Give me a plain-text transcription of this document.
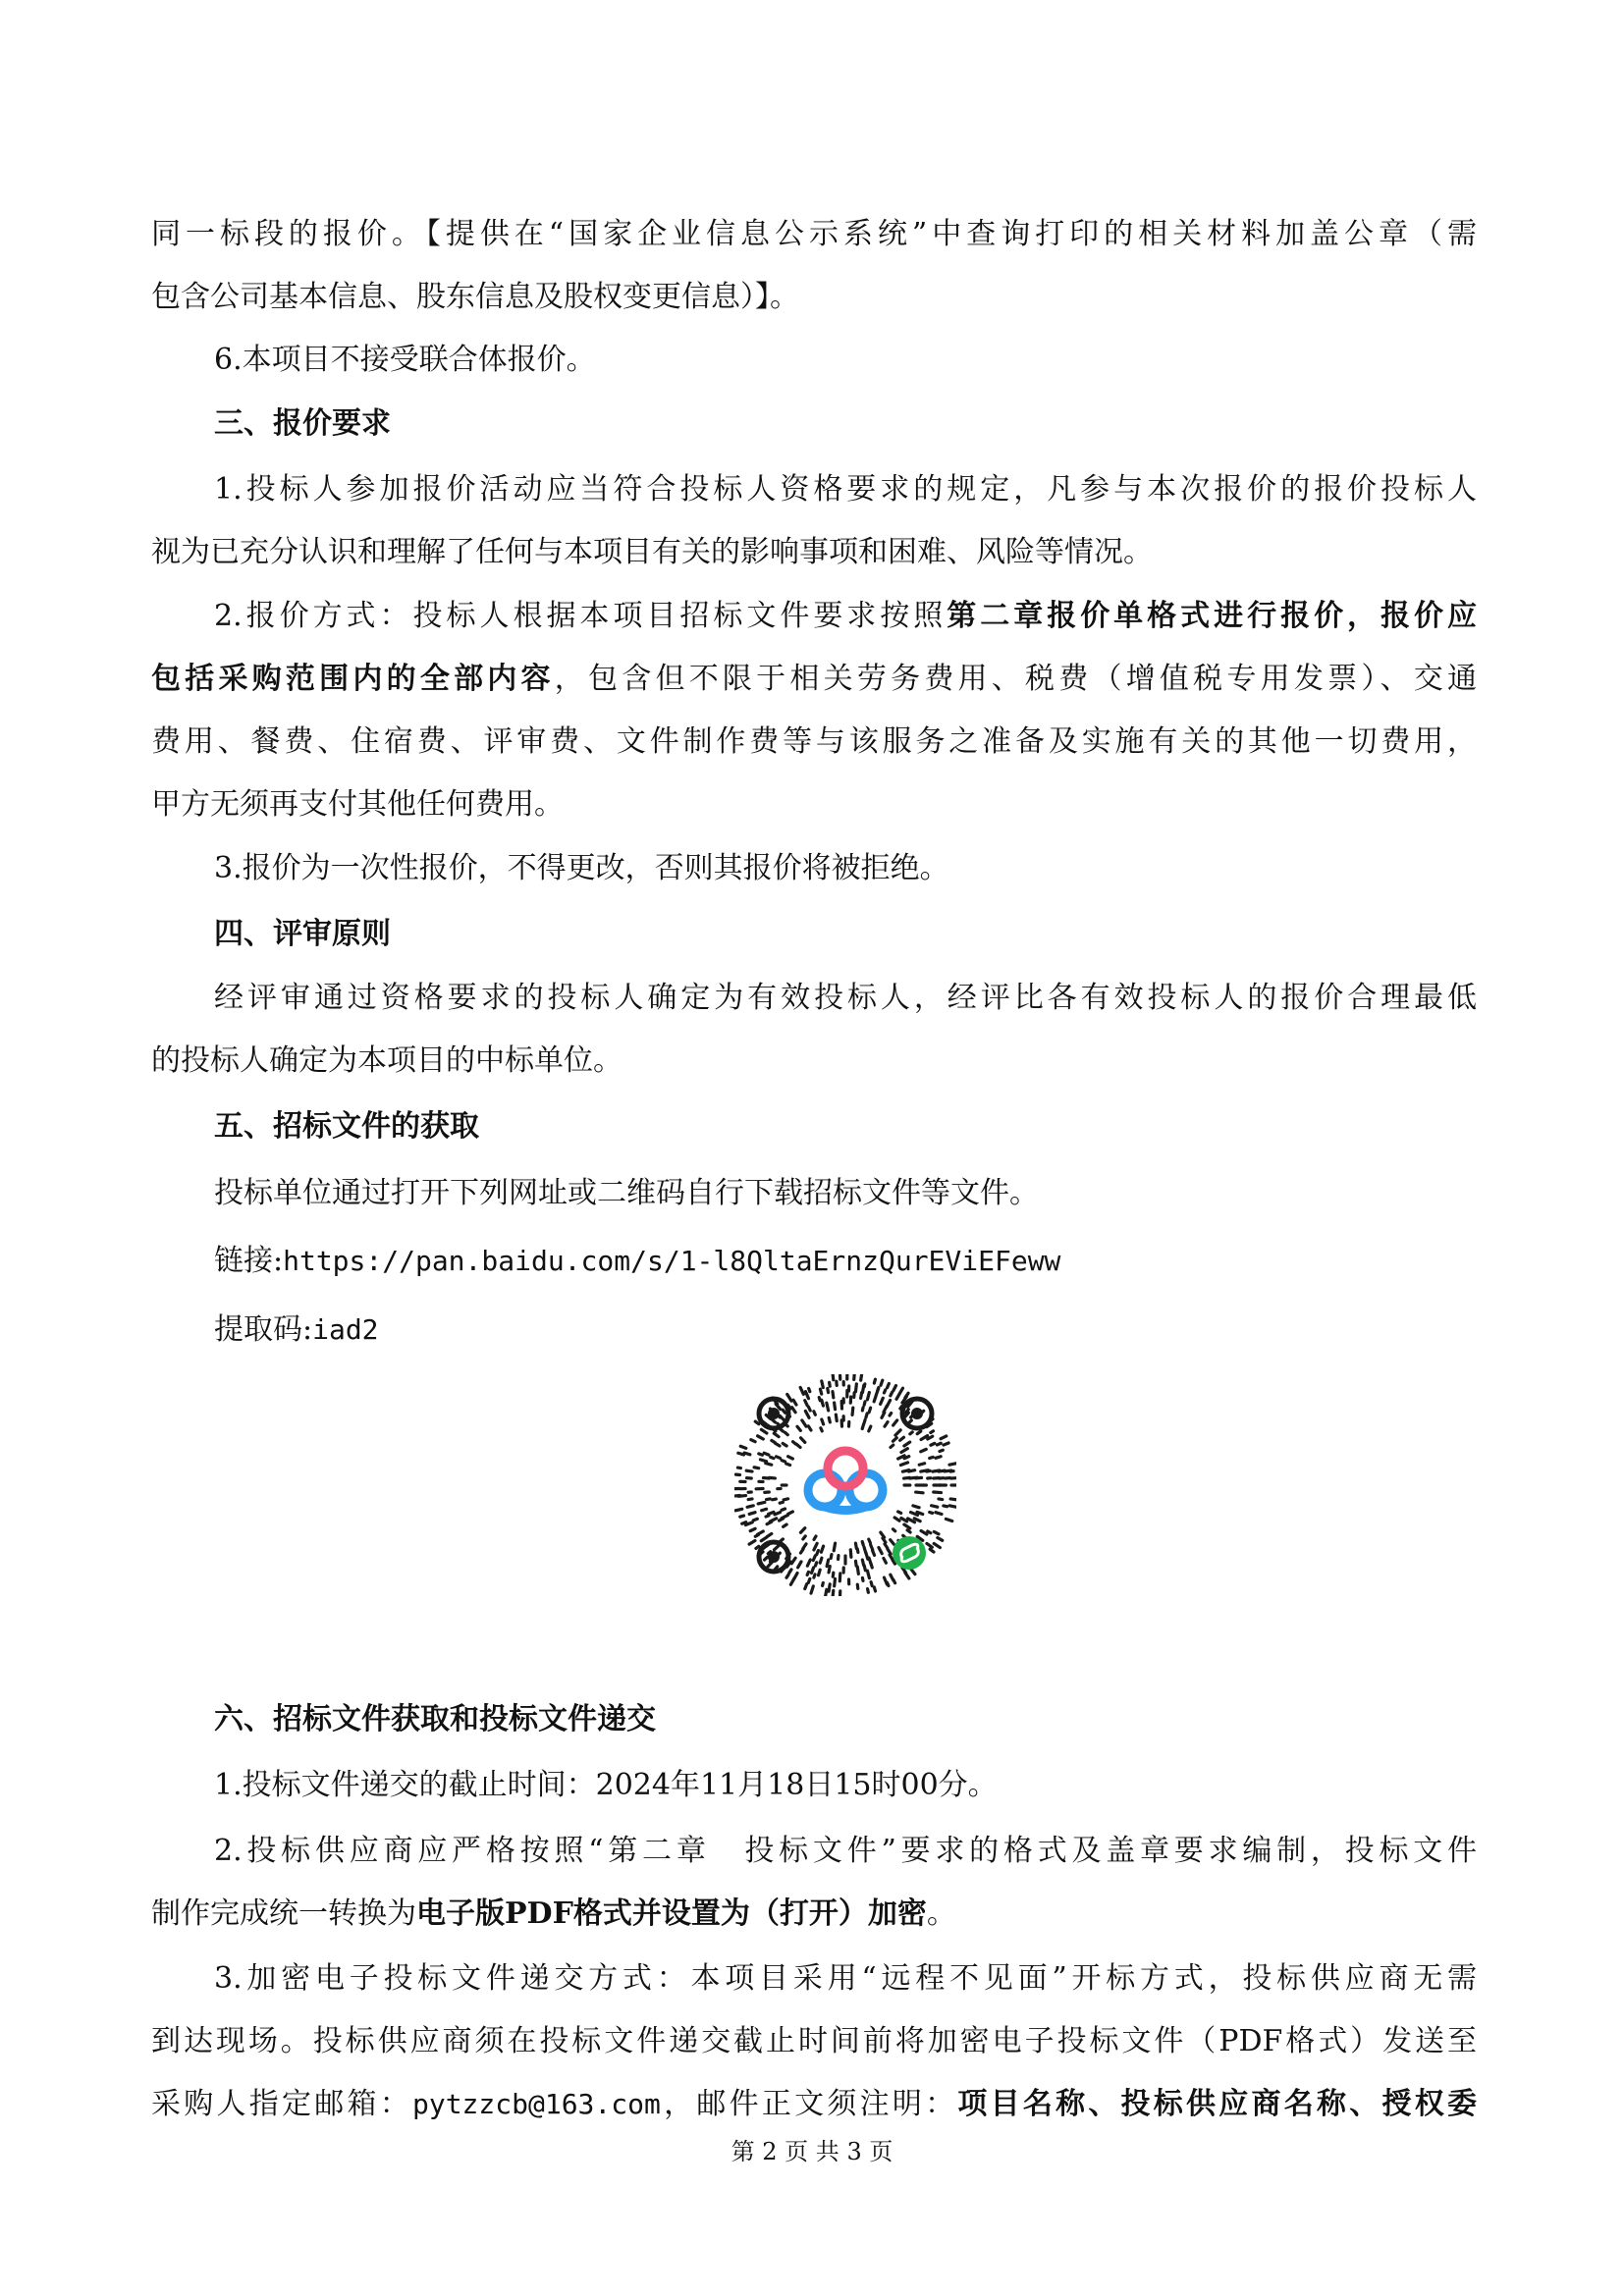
同一标段的报价。【提供在“国家企业信息公示系统”中查询打印的相关材料加盖公章（需
包含公司基本信息、股东信息及股权变更信息）】。
6.本项目不接受联合体报价。
三、报价要求
1.投标人参加报价活动应当符合投标人资格要求的规定，凡参与本次报价的报价投标人
视为已充分认识和理解了任何与本项目有关的影响事项和困难、风险等情况。
2.报价方式：投标人根据本项目招标文件要求按照第二章报价单格式进行报价，报价应
包括采购范围内的全部内容，包含但不限于相关劳务费用、税费（增值税专用发票）、交通
费用、餐费、住宿费、评审费、文件制作费等与该服务之准备及实施有关的其他一切费用，
甲方无须再支付其他任何费用。
3.报价为一次性报价，不得更改，否则其报价将被拒绝。
四、评审原则
经评审通过资格要求的投标人确定为有效投标人，经评比各有效投标人的报价合理最低
的投标人确定为本项目的中标单位。
五、招标文件的获取
投标单位通过打开下列网址或二维码自行下载招标文件等文件。
链接:https://pan.baidu.com/s/1-l8QltaErnzQurEViEFeww
提取码:iad2
六、招标文件获取和投标文件递交
1.投标文件递交的截止时间：2024年11月18日15时00分。
2.投标供应商应严格按照“第二章　投标文件”要求的格式及盖章要求编制，投标文件
制作完成统一转换为电子版PDF格式并设置为（打开）加密。
3.加密电子投标文件递交方式：本项目采用“远程不见面”开标方式，投标供应商无需
到达现场。投标供应商须在投标文件递交截止时间前将加密电子投标文件（PDF格式）发送至
采购人指定邮箱：pytzzcb@163.com，邮件正文须注明：项目名称、投标供应商名称、授权委
第 2 页 共 3 页
